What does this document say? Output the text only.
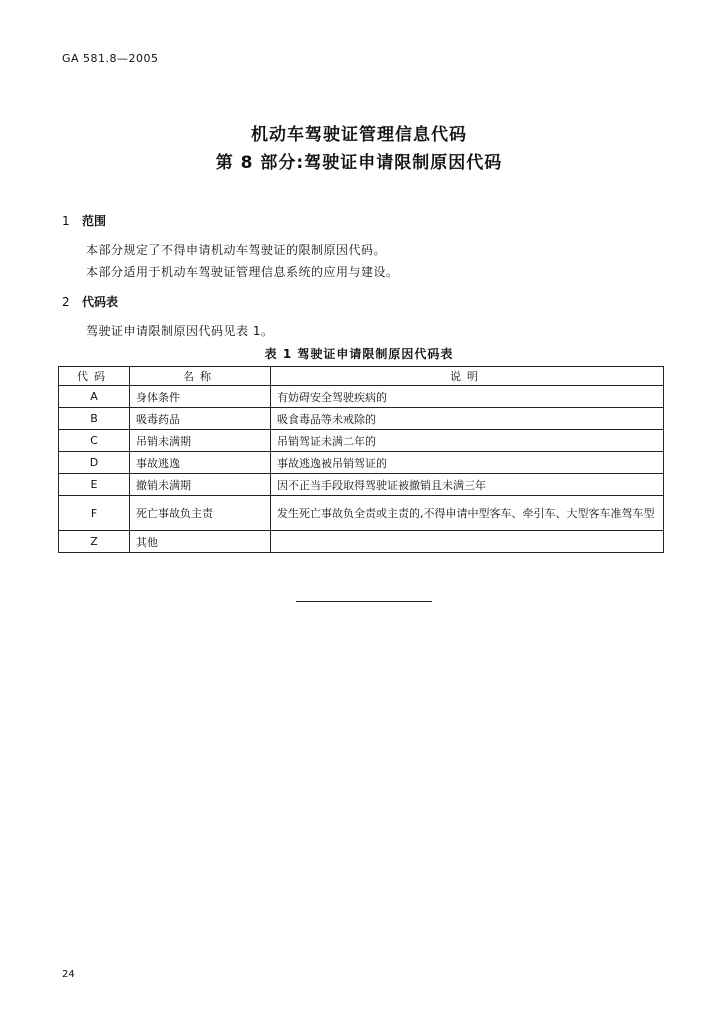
GA 581.8—2005
机动车驾驶证管理信息代码
第 8 部分:驾驶证申请限制原因代码
1 范围
本部分规定了不得申请机动车驾驶证的限制原因代码。
本部分适用于机动车驾驶证管理信息系统的应用与建设。
2 代码表
驾驶证申请限制原因代码见表 1。
表 1 驾驶证申请限制原因代码表
代码	名称	说明
A	身体条件	有妨碍安全驾驶疾病的
B	吸毒药品	吸食毒品等未戒除的
C	吊销未满期	吊销驾证未满二年的
D	事故逃逸	事故逃逸被吊销驾证的
E	撤销未满期	因不正当手段取得驾驶证被撤销且未满三年
F	死亡事故负主责	发生死亡事故负全责或主责的,不得申请中型客车、牵引车、大型客车准驾车型
Z	其他	
24
